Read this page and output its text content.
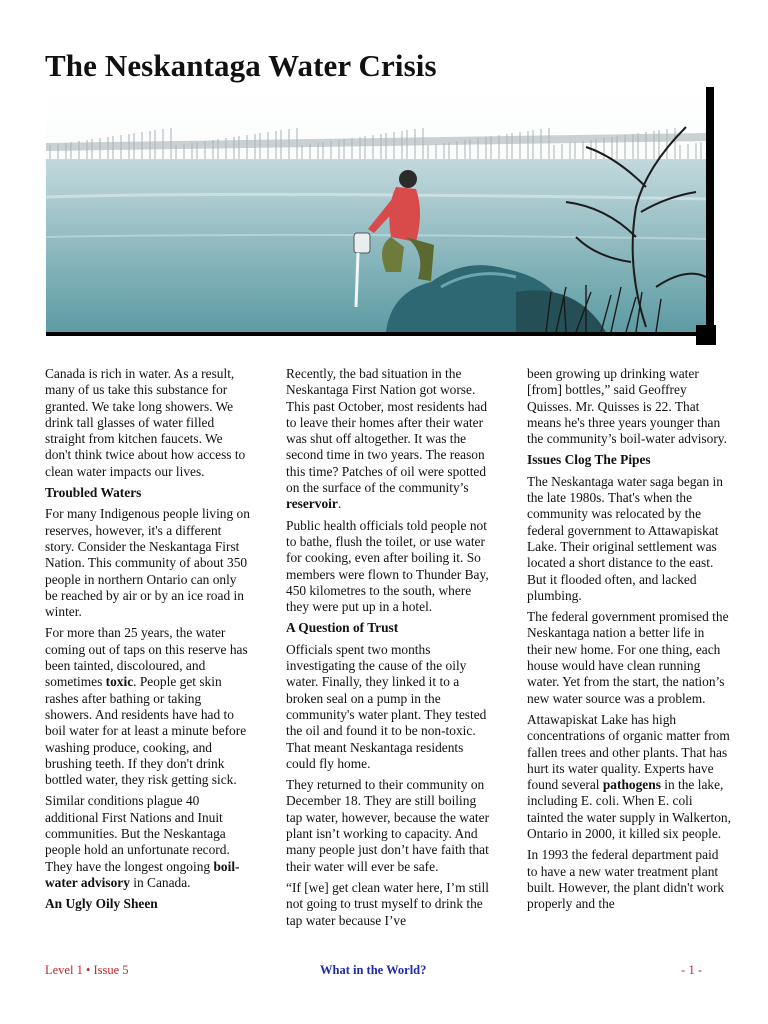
The Neskantaga Water Crisis

Canada is rich in water. As a result, many of us take this substance for granted. We take long showers. We drink tall glasses of water filled straight from kitchen faucets. We don't think twice about how access to clean water impacts our lives.

Troubled Waters

For many Indigenous people living on reserves, however, it's a different story. Consider the Neskantaga First Nation. This community of about 350 people in northern Ontario can only be reached by air or by an ice road in winter.

For more than 25 years, the water coming out of taps on this reserve has been tainted, discoloured, and sometimes toxic. People get skin rashes after bathing or taking showers. And residents have had to boil water for at least a minute before washing produce, cooking, and brushing teeth. If they don't drink bottled water, they risk getting sick.

Similar conditions plague 40 additional First Nations and Inuit communities. But the Neskantaga people hold an unfortunate record. They have the longest ongoing boil-water advisory in Canada.

An Ugly Oily Sheen

Recently, the bad situation in the Neskantaga First Nation got worse. This past October, most residents had to leave their homes after their water was shut off altogether. It was the second time in two years. The reason this time? Patches of oil were spotted on the surface of the community’s reservoir.

Public health officials told people not to bathe, flush the toilet, or use water for cooking, even after boiling it. So members were flown to Thunder Bay, 450 kilometres to the south, where they were put up in a hotel.

A Question of Trust

Officials spent two months investigating the cause of the oily water. Finally, they linked it to a broken seal on a pump in the community's water plant. They tested the oil and found it to be non-toxic. That meant Neskantaga residents could fly home.

They returned to their community on December 18. They are still boiling tap water, however, because the water plant isn’t working to capacity. And many people just don’t have faith that their water will ever be safe.

“If [we] get clean water here, I’m still not going to trust myself to drink the tap water because I’ve

been growing up drinking water [from] bottles,” said Geoffrey Quisses. Mr. Quisses is 22. That means he's three years younger than the community’s boil-water advisory.

Issues Clog The Pipes

The Neskantaga water saga began in the late 1980s. That's when the community was relocated by the federal government to Attawapiskat Lake. Their original settlement was located a short distance to the east. But it flooded often, and lacked plumbing.

The federal government promised the Neskantaga nation a better life in their new home. For one thing, each house would have clean running water. Yet from the start, the nation’s new water source was a problem.

Attawapiskat Lake has high concentrations of organic matter from fallen trees and other plants. That has hurt its water quality. Experts have found several pathogens in the lake, including E. coli. When E. coli tainted the water supply in Walkerton, Ontario in 2000, it killed six people.

In 1993 the federal department paid to have a new water treatment plant built. However, the plant didn't work properly and the

Level 1 • Issue 5	What in the World?	- 1 -
